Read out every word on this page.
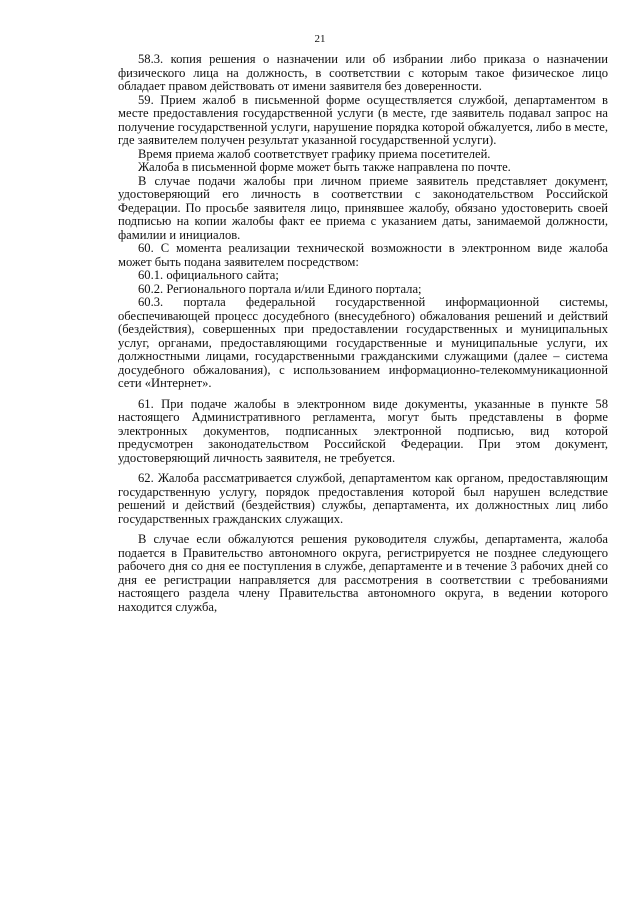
21

58.3. копия решения о назначении или об избрании либо приказа о назначении физического лица на должность, в соответствии с которым такое физическое лицо обладает правом действовать от имени заявителя без доверенности.

59. Прием жалоб в письменной форме осуществляется службой, департаментом в месте предоставления государственной услуги (в месте, где заявитель подавал запрос на получение государственной услуги, нарушение порядка которой обжалуется, либо в месте, где заявителем получен результат указанной государственной услуги).

Время приема жалоб соответствует графику приема посетителей.

Жалоба в письменной форме может быть также направлена по почте.

В случае подачи жалобы при личном приеме заявитель представляет документ, удостоверяющий его личность в соответствии с законодательством Российской Федерации. По просьбе заявителя лицо, принявшее жалобу, обязано удостоверить своей подписью на копии жалобы факт ее приема с указанием даты, занимаемой должности, фамилии и инициалов.

60. С момента реализации технической возможности в электронном виде жалоба может быть подана заявителем посредством:

60.1. официального сайта;

60.2. Регионального портала и/или Единого портала;

60.3. портала федеральной государственной информационной системы, обеспечивающей процесс досудебного (внесудебного) обжалования решений и действий (бездействия), совершенных при предоставлении государственных и муниципальных услуг, органами, предоставляющими государственные и муниципальные услуги, их должностными лицами, государственными гражданскими служащими (далее – система досудебного обжалования), с использованием информационно-телекоммуникационной сети «Интернет».

61. При подаче жалобы в электронном виде документы, указанные в пункте 58 настоящего Административного регламента, могут быть представлены в форме электронных документов, подписанных электронной подписью, вид которой предусмотрен законодательством Российской Федерации. При этом документ, удостоверяющий личность заявителя, не требуется.

62. Жалоба рассматривается службой, департаментом как органом, предоставляющим государственную услугу, порядок предоставления которой был нарушен вследствие решений и действий (бездействия) службы, департамента, их должностных лиц либо государственных гражданских служащих.

В случае если обжалуются решения руководителя службы, департамента, жалоба подается в Правительство автономного округа, регистрируется не позднее следующего рабочего дня со дня ее поступления в службе, департаменте и в течение 3 рабочих дней со дня ее регистрации направляется для рассмотрения в соответствии с требованиями настоящего раздела члену Правительства автономного округа, в ведении которого находится служба,
